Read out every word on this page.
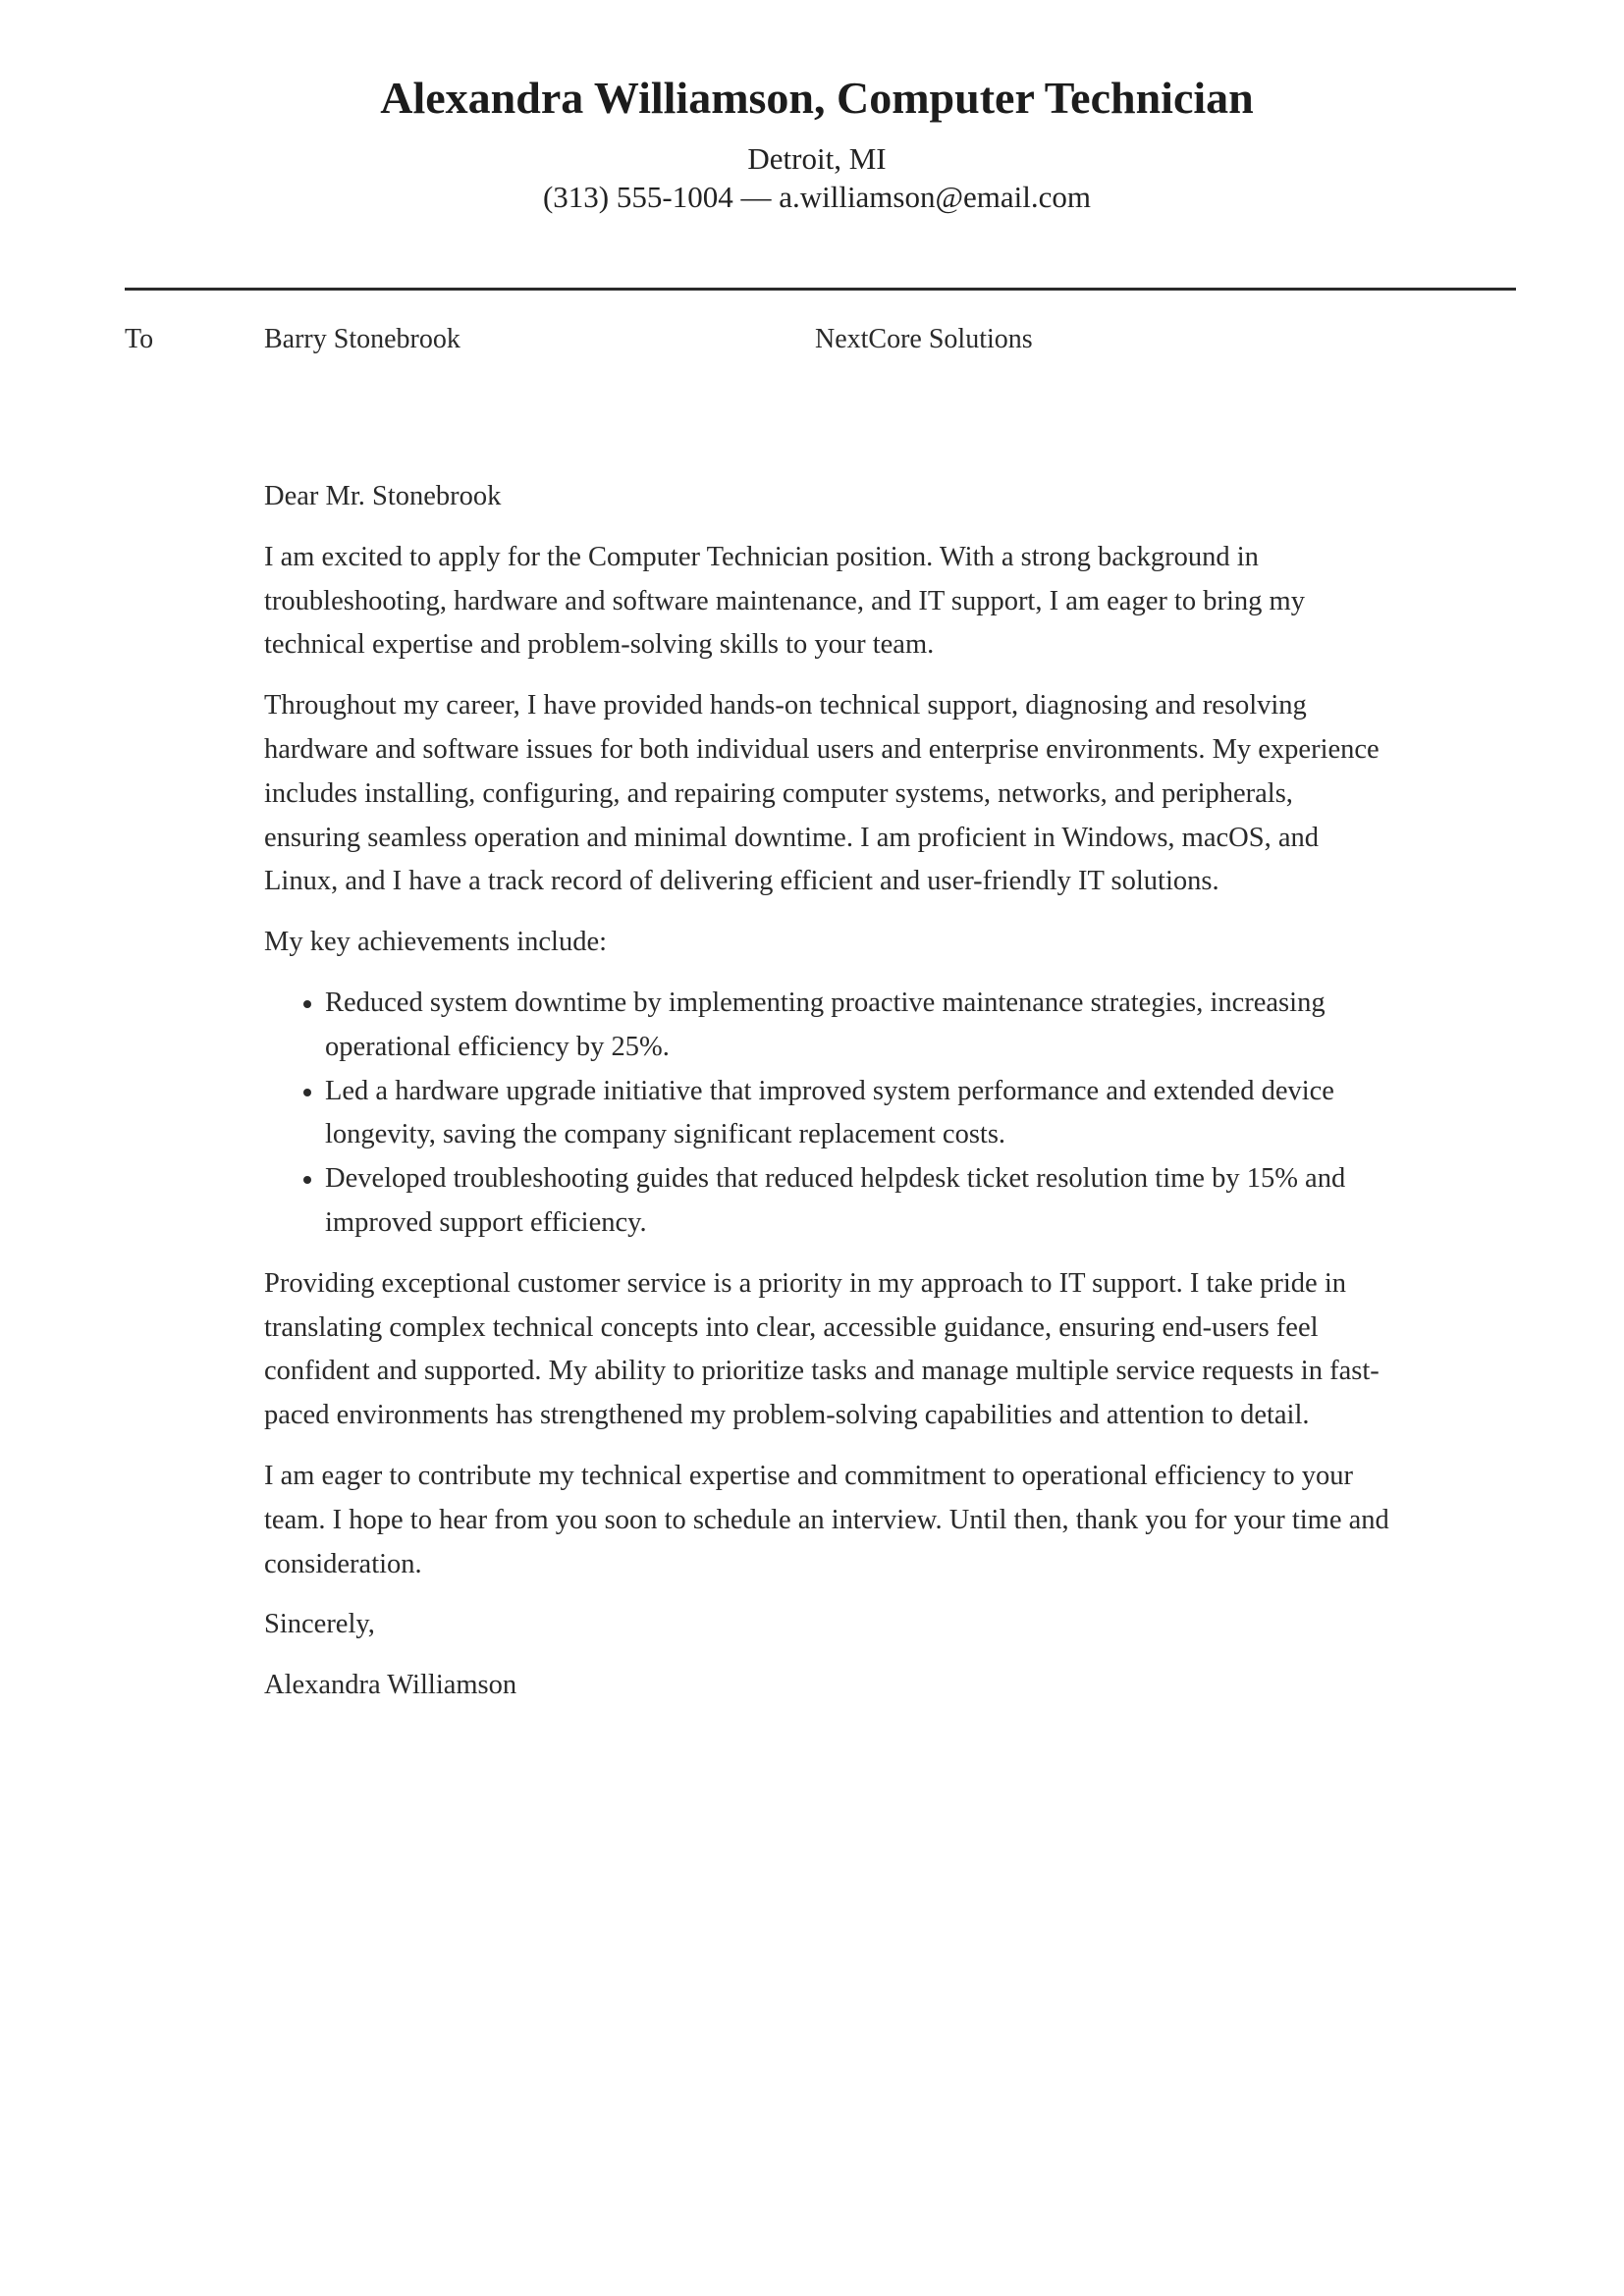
Alexandra Williamson, Computer Technician
Detroit, MI
(313) 555-1004 — a.williamson@email.com
To	Barry Stonebrook	NextCore Solutions

Dear Mr. Stonebrook

I am excited to apply for the Computer Technician position. With a strong background in troubleshooting, hardware and software maintenance, and IT support, I am eager to bring my technical expertise and problem-solving skills to your team.

Throughout my career, I have provided hands-on technical support, diagnosing and resolving hardware and software issues for both individual users and enterprise environments. My experience includes installing, configuring, and repairing computer systems, networks, and peripherals, ensuring seamless operation and minimal downtime. I am proficient in Windows, macOS, and Linux, and I have a track record of delivering efficient and user-friendly IT solutions.

My key achievements include:

• Reduced system downtime by implementing proactive maintenance strategies, increasing operational efficiency by 25%.
• Led a hardware upgrade initiative that improved system performance and extended device longevity, saving the company significant replacement costs.
• Developed troubleshooting guides that reduced helpdesk ticket resolution time by 15% and improved support efficiency.

Providing exceptional customer service is a priority in my approach to IT support. I take pride in translating complex technical concepts into clear, accessible guidance, ensuring end-users feel confident and supported. My ability to prioritize tasks and manage multiple service requests in fast-paced environments has strengthened my problem-solving capabilities and attention to detail.

I am eager to contribute my technical expertise and commitment to operational efficiency to your team. I hope to hear from you soon to schedule an interview. Until then, thank you for your time and consideration.

Sincerely,

Alexandra Williamson
